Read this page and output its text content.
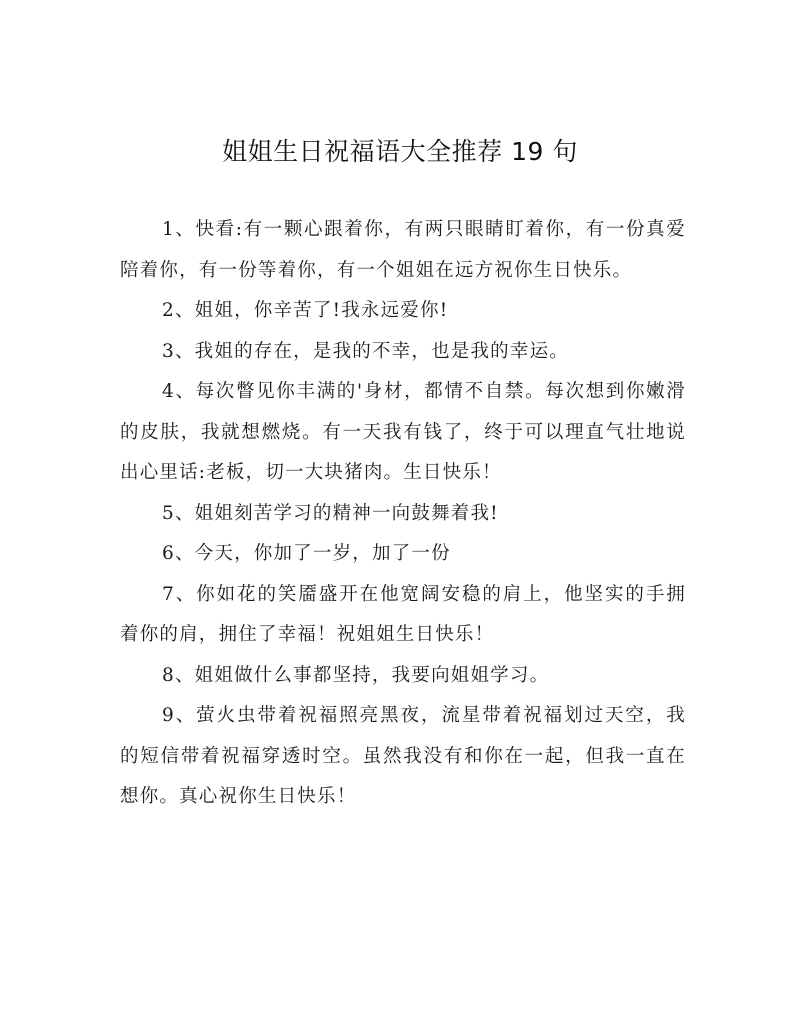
姐姐生日祝福语大全推荐 19 句

1、快看:有一颗心跟着你，有两只眼睛盯着你，有一份真爱陪着你，有一份等着你，有一个姐姐在远方祝你生日快乐。

2、姐姐，你辛苦了!我永远爱你!

3、我姐的存在，是我的不幸，也是我的幸运。

4、每次瞥见你丰满的'身材，都情不自禁。每次想到你嫩滑的皮肤，我就想燃烧。有一天我有钱了，终于可以理直气壮地说出心里话:老板，切一大块猪肉。生日快乐！

5、姐姐刻苦学习的精神一向鼓舞着我!

6、今天，你加了一岁，加了一份

7、你如花的笑靥盛开在他宽阔安稳的肩上，他坚实的手拥着你的肩，拥住了幸福！祝姐姐生日快乐！

8、姐姐做什么事都坚持，我要向姐姐学习。

9、萤火虫带着祝福照亮黑夜，流星带着祝福划过天空，我的短信带着祝福穿透时空。虽然我没有和你在一起，但我一直在想你。真心祝你生日快乐！
